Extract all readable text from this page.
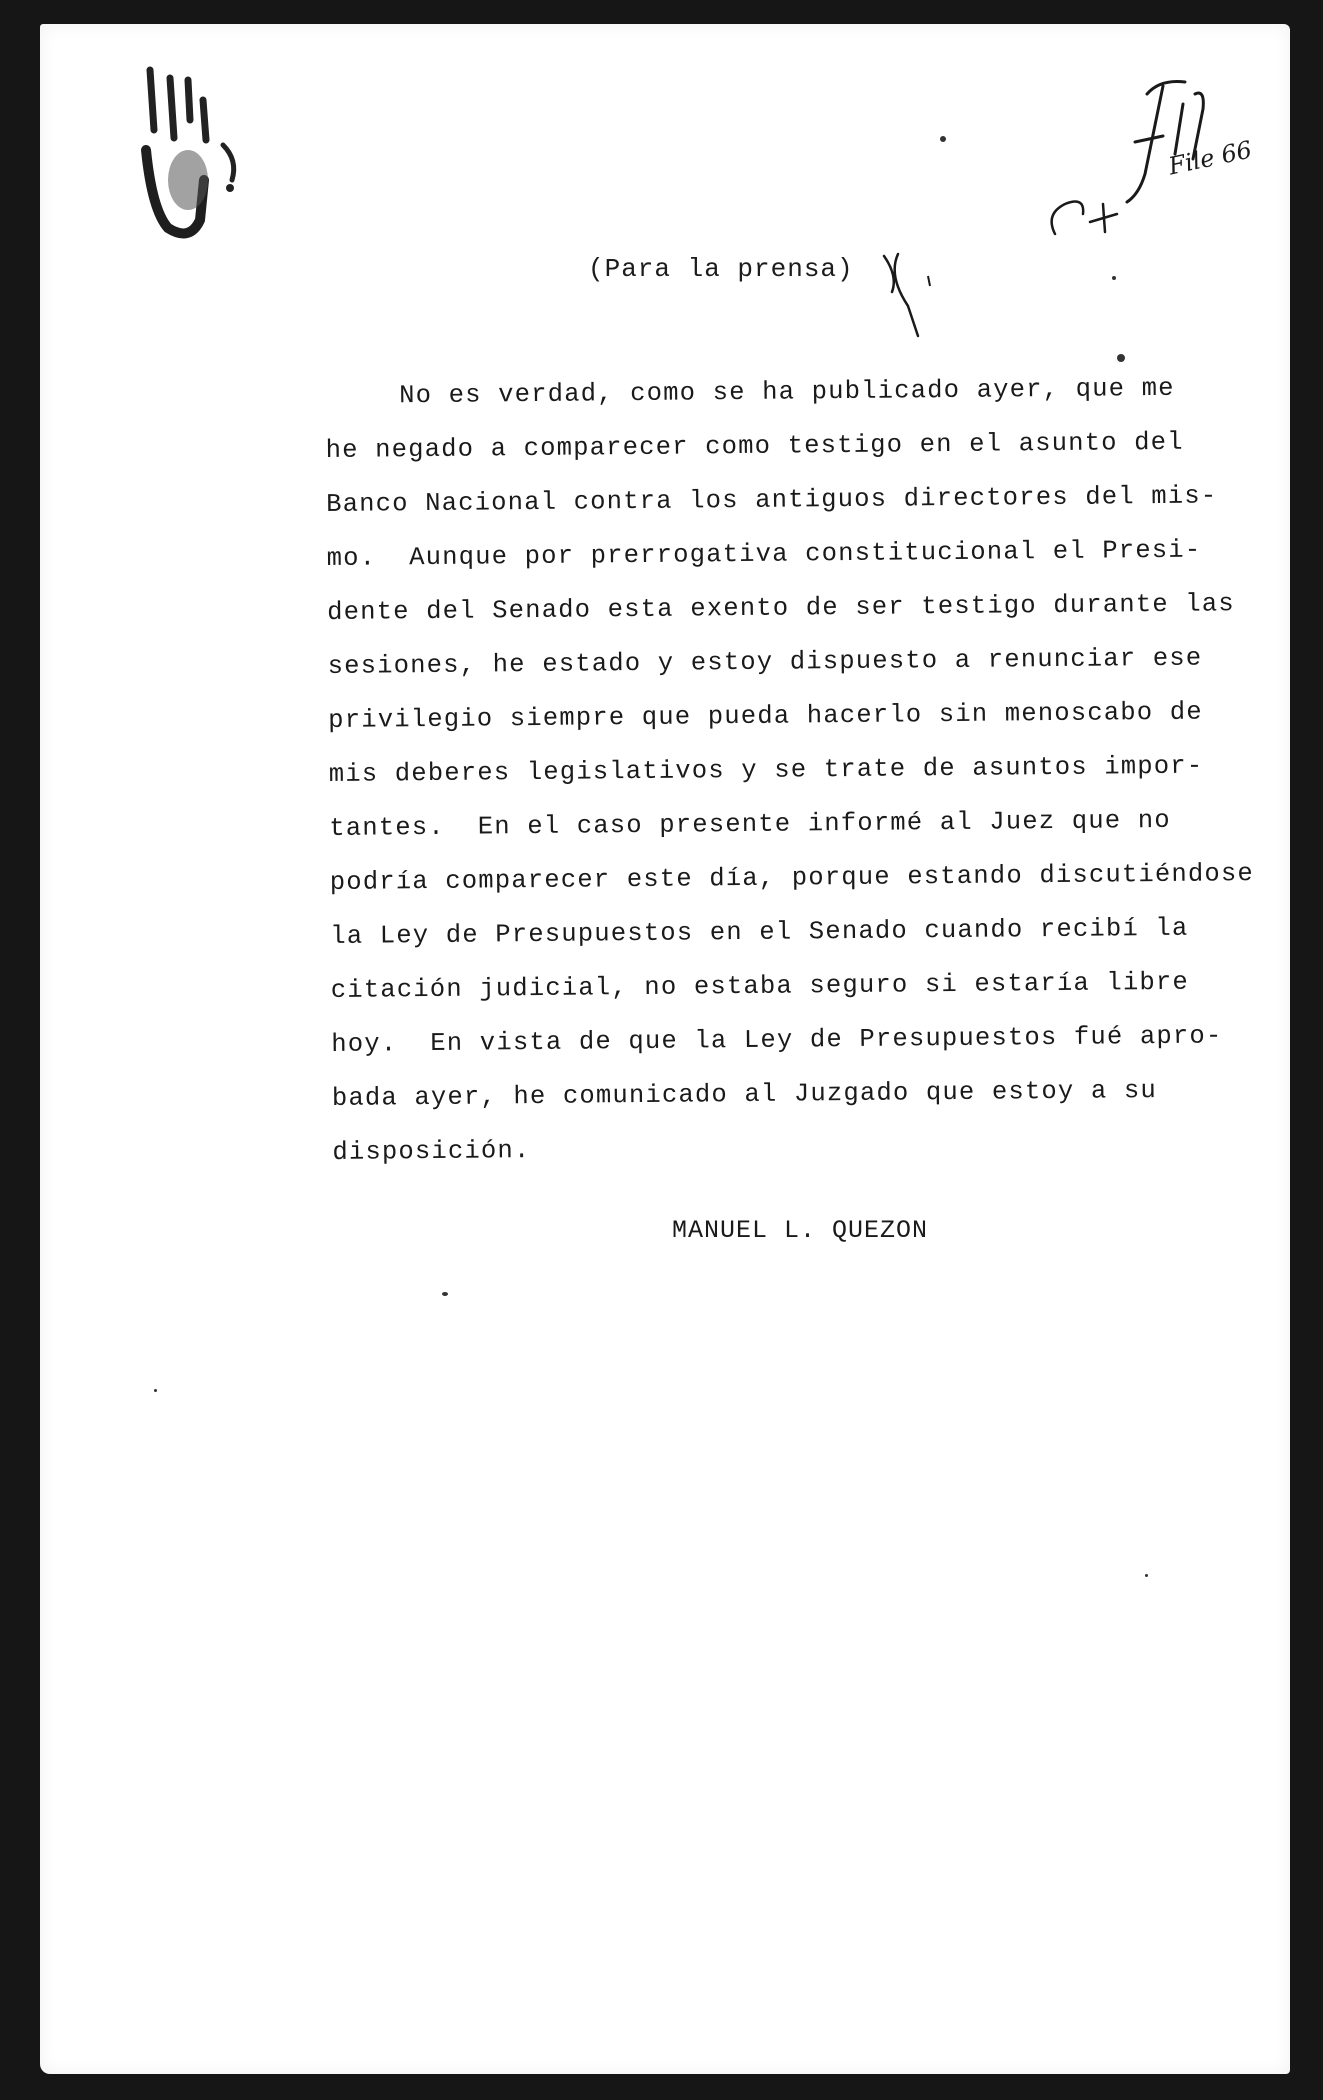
File 66
(Para la prensa)
No es verdad, como se ha publicado ayer, que me
he negado a comparecer como testigo en el asunto del
Banco Nacional contra los antiguos directores del mis-
mo.  Aunque por prerrogativa constitucional el Presi-
dente del Senado esta exento de ser testigo durante las
sesiones, he estado y estoy dispuesto a renunciar ese
privilegio siempre que pueda hacerlo sin menoscabo de
mis deberes legislativos y se trate de asuntos impor-
tantes.  En el caso presente informé al Juez que no
podría comparecer este día, porque estando discutiéndose
la Ley de Presupuestos en el Senado cuando recibí la
citación judicial, no estaba seguro si estaría libre
hoy.  En vista de que la Ley de Presupuestos fué apro-
bada ayer, he comunicado al Juzgado que estoy a su
disposición.
MANUEL L. QUEZON
